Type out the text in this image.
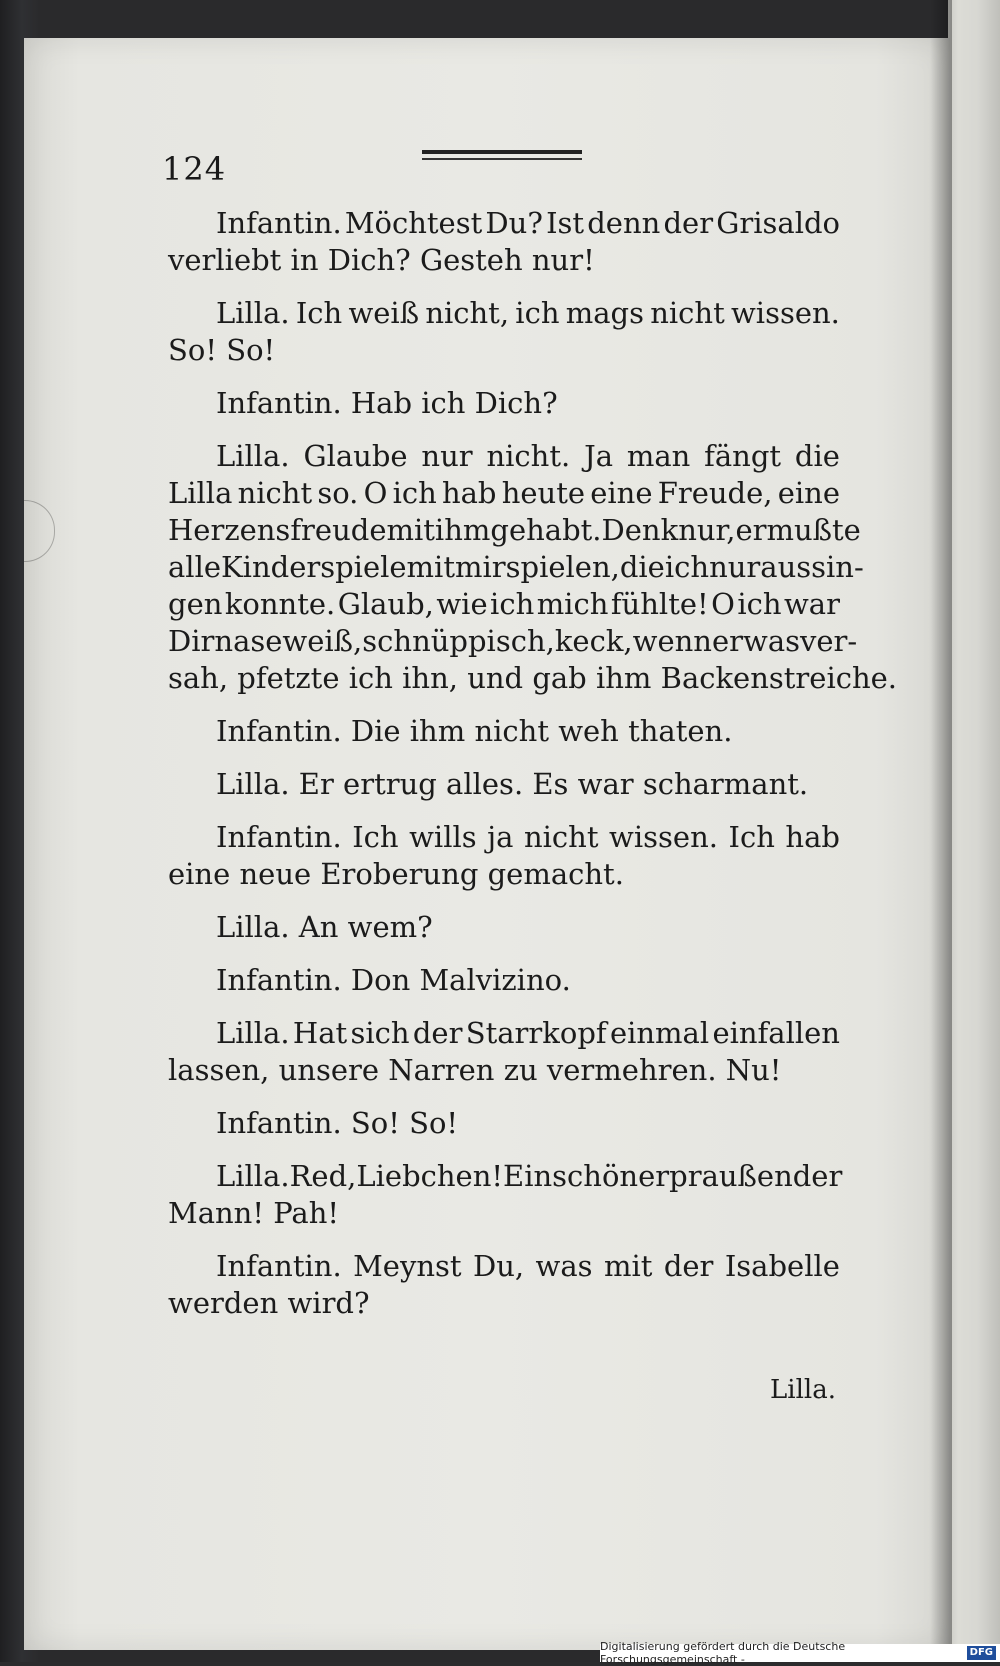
124
Infantin. Möchtest Du? Ist denn der Grisaldo
verliebt in Dich? Gesteh nur!
Lilla. Ich weiß nicht, ich mags nicht wissen.
So! So!
Infantin. Hab ich Dich?
Lilla. Glaube nur nicht. Ja man fängt die
Lilla nicht so. O ich hab heute eine Freude, eine
Herzensfreude mit ihm gehabt. Denk nur, er mußte
alle Kinderspiele mit mir spielen, die ich nur aussin-
gen konnte. Glaub, wie ich mich fühlte! O ich war
Dir naseweiß, schnüppisch, keck, wenn er was ver-
sah, pfetzte ich ihn, und gab ihm Backenstreiche.
Infantin. Die ihm nicht weh thaten.
Lilla. Er ertrug alles. Es war scharmant.
Infantin. Ich wills ja nicht wissen. Ich hab
eine neue Eroberung gemacht.
Lilla. An wem?
Infantin. Don Malvizino.
Lilla. Hat sich der Starrkopf einmal einfallen
lassen, unsere Narren zu vermehren. Nu!
Infantin. So! So!
Lilla. Red, Liebchen! Ein schöner praußender
Mann! Pah!
Infantin. Meynst Du, was mit der Isabelle
werden wird?
Lilla.
Digitalisierung gefördert durch die Deutsche Forschungsgemeinschaft -
DFG
